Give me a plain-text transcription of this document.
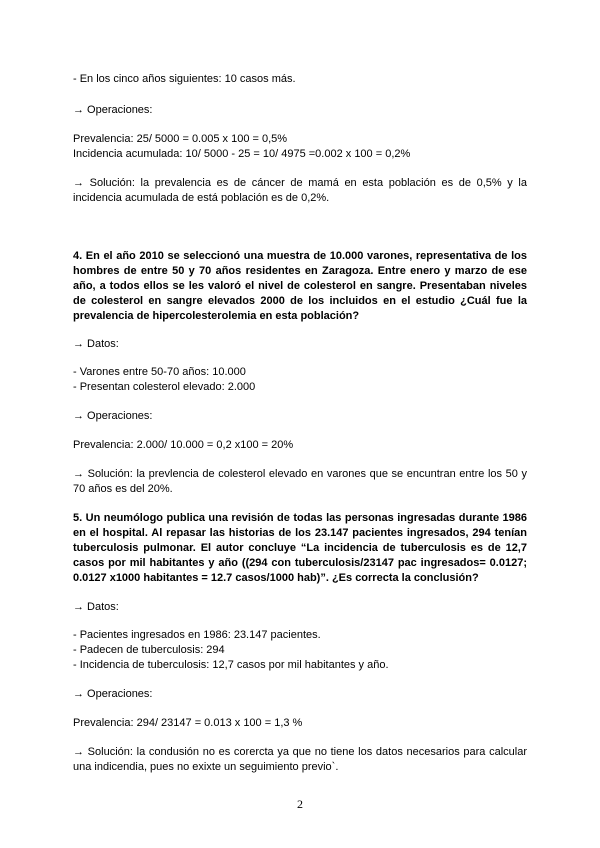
- En los cinco años siguientes: 10 casos más.
→ Operaciones:
Prevalencia: 25/ 5000 = 0.005 x 100 = 0,5%
Incidencia acumulada: 10/ 5000 - 25 = 10/ 4975 =0.002 x 100 = 0,2%
→ Solución: la prevalencia es de cáncer de mamá en esta población es de 0,5% y la
incidencia acumulada de está población es de 0,2%.
4. En el año 2010 se seleccionó una muestra de 10.000 varones, representativa de los
hombres de entre 50 y 70 años residentes en Zaragoza. Entre enero y marzo de ese
año, a todos ellos se les valoró el nivel de colesterol en sangre. Presentaban niveles
de colesterol en sangre elevados 2000 de los incluidos en el estudio ¿Cuál fue la
prevalencia de hipercolesterolemia en esta población?
→ Datos:
- Varones entre 50-70 años: 10.000
- Presentan colesterol elevado: 2.000
→ Operaciones:
Prevalencia: 2.000/ 10.000 = 0,2 x100 = 20%
→ Solución: la prevlencia de colesterol elevado en varones que se encuntran entre los 50 y
70 años es del 20%.
5. Un neumólogo publica una revisión de todas las personas ingresadas durante 1986
en el hospital. Al repasar las historias de los 23.147 pacientes ingresados, 294 tenían
tuberculosis pulmonar. El autor concluye “La incidencia de tuberculosis es de 12,7
casos por mil habitantes y año ((294 con tuberculosis/23147 pac ingresados= 0.0127;
0.0127 x1000 habitantes = 12.7 casos/1000 hab)”. ¿Es correcta la conclusión?
→ Datos:
- Pacientes ingresados en 1986: 23.147 pacientes.
- Padecen de tuberculosis: 294
- Incidencia de tuberculosis: 12,7 casos por mil habitantes y año.
→ Operaciones:
Prevalencia: 294/ 23147 = 0.013 x 100 = 1,3 %
→ Solución: la condusión no es corercta ya que no tiene los datos necesarios para calcular
una indicendia, pues no exixte un seguimiento previo`.
2
